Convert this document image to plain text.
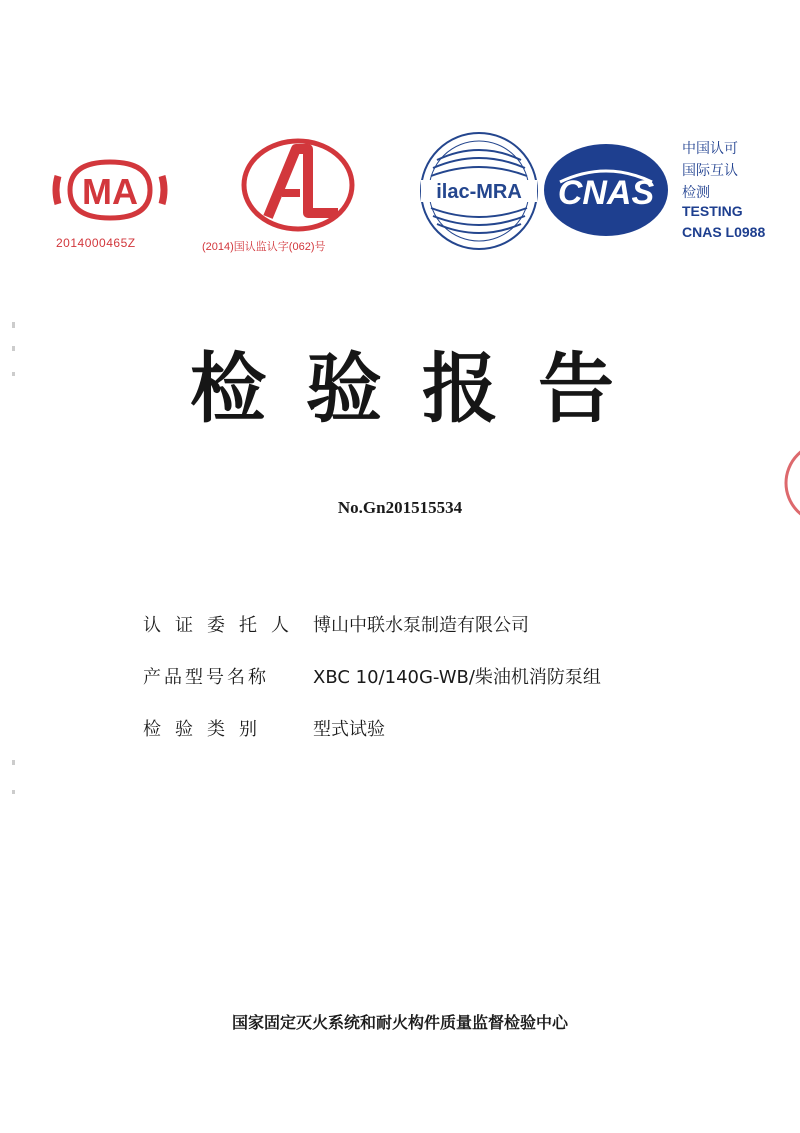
MA
2014000465Z	(2014)国认监认字(062)号
ilac-MRA CNAS
中国认可
国际互认
检测
TESTING
CNAS L0988
检验报告
No.Gn201515534
认证委托人 博山中联水泵制造有限公司
产品型号名称 XBC 10/140G-WB/柴油机消防泵组
检验类别 型式试验
国家固定灭火系统和耐火构件质量监督检验中心
